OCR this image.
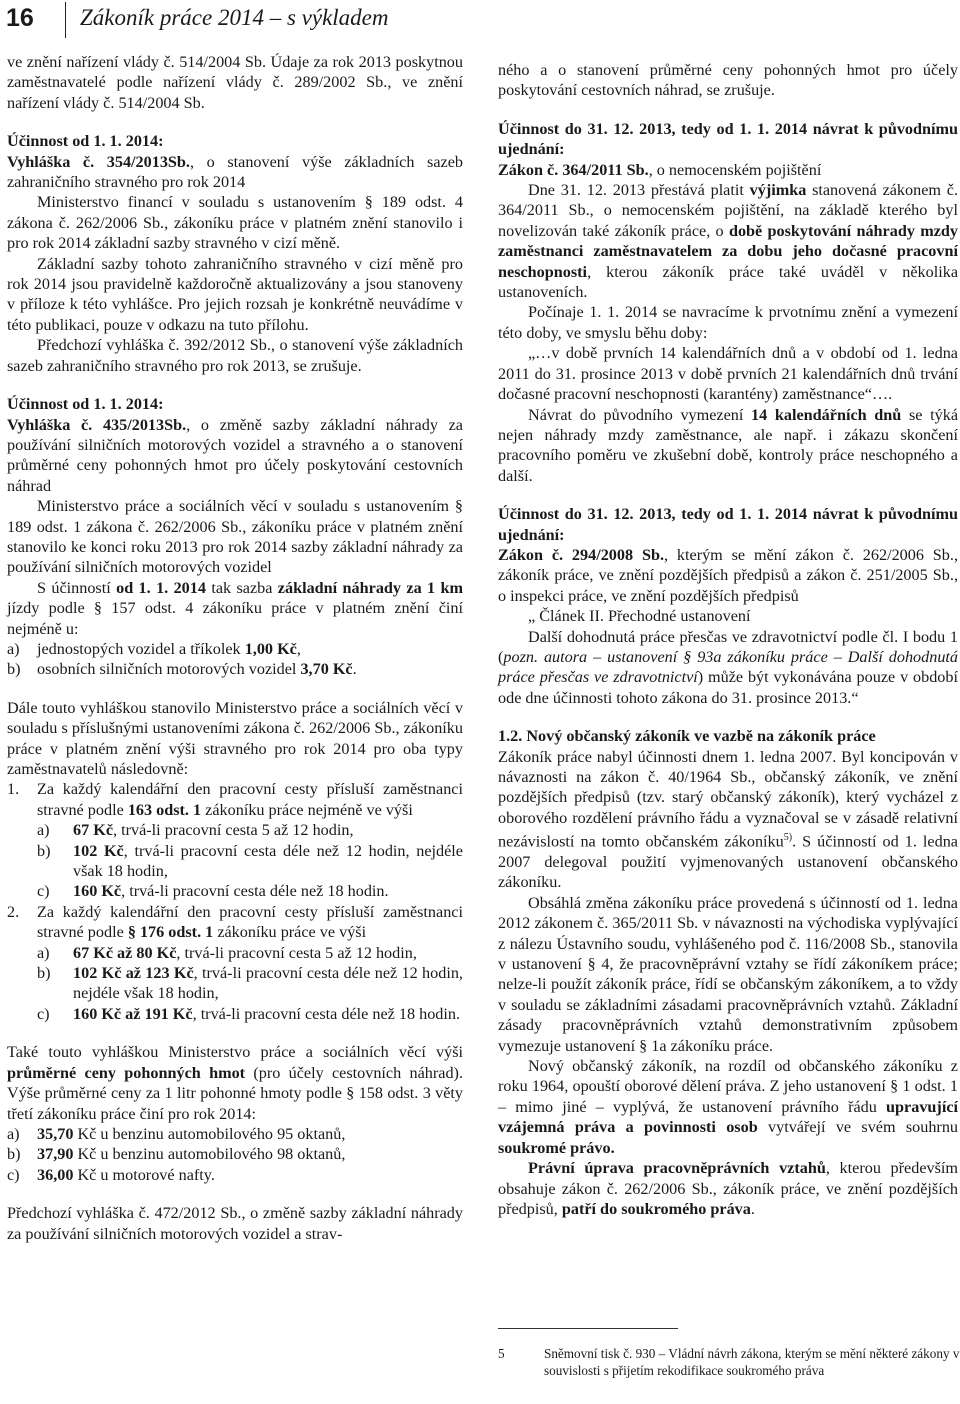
16 Zákoník práce 2014 – s výkladem

ve znění nařízení vlády č. 514/2004 Sb. Údaje za rok 2013 poskytnou zaměstnavatelé podle nařízení vlády č. 289/2002 Sb., ve znění nařízení vlády č. 514/2004 Sb.

Účinnost od 1. 1. 2014:

Vyhláška č. 354/2013Sb., o stanovení výše základních sazeb zahraničního stravného pro rok 2014

Ministerstvo financí v souladu s ustanovením § 189 odst. 4 zákona č. 262/2006 Sb., zákoníku práce v platném znění stanovilo i pro rok 2014 základní sazby stravného v cizí měně.

Základní sazby tohoto zahraničního stravného v cizí měně pro rok 2014 jsou pravidelně každoročně aktualizovány a jsou stanoveny v příloze k této vyhlášce. Pro jejich rozsah je konkrétně neuvádíme v této publikaci, pouze v odkazu na tuto přílohu.

Předchozí vyhláška č. 392/2012 Sb., o stanovení výše základních sazeb zahraničního stravného pro rok 2013, se zrušuje.

Účinnost od 1. 1. 2014:

Vyhláška č. 435/2013Sb., o změně sazby základní náhrady za používání silničních motorových vozidel a stravného a o stanovení průměrné ceny pohonných hmot pro účely poskytování cestovních náhrad

Ministerstvo práce a sociálních věcí v souladu s ustanovením § 189 odst. 1 zákona č. 262/2006 Sb., zákoníku práce v platném znění stanovilo ke konci roku 2013 pro rok 2014 sazby základní náhrady za používání silničních motorových vozidel

S účinností od 1. 1. 2014 tak sazba základní náhrady za 1 km jízdy podle § 157 odst. 4 zákoníku práce v platném znění činí nejméně u:

a) jednostopých vozidel a tříkolek 1,00 Kč,
b) osobních silničních motorových vozidel 3,70 Kč.

Dále touto vyhláškou stanovilo Ministerstvo práce a sociálních věcí v souladu s příslušnými ustanoveními zákona č. 262/2006 Sb., zákoníku práce v platném znění výši stravného pro rok 2014 pro oba typy zaměstnavatelů následovně:

1. Za každý kalendářní den pracovní cesty přísluší zaměstnanci stravné podle 163 odst. 1 zákoníku práce nejméně ve výši
a) 67 Kč, trvá-li pracovní cesta 5 až 12 hodin,
b) 102 Kč, trvá-li pracovní cesta déle než 12 hodin, nejdéle však 18 hodin,
c) 160 Kč, trvá-li pracovní cesta déle než 18 hodin.
2. Za každý kalendářní den pracovní cesty přísluší zaměstnanci stravné podle § 176 odst. 1 zákoníku práce ve výši
a) 67 Kč až 80 Kč, trvá-li pracovní cesta 5 až 12 hodin,
b) 102 Kč až 123 Kč, trvá-li pracovní cesta déle než 12 hodin, nejdéle však 18 hodin,
c) 160 Kč až 191 Kč, trvá-li pracovní cesta déle než 18 hodin.

Také touto vyhláškou Ministerstvo práce a sociálních věcí výši průměrné ceny pohonných hmot (pro účely cestovních náhrad). Výše průměrné ceny za 1 litr pohonné hmoty podle § 158 odst. 3 věty třetí zákoníku práce činí pro rok 2014:

a) 35,70 Kč u benzinu automobilového 95 oktanů,
b) 37,90 Kč u benzinu automobilového 98 oktanů,
c) 36,00 Kč u motorové nafty.

Předchozí vyhláška č. 472/2012 Sb., o změně sazby základní náhrady za používání silničních motorových vozidel a strav-

ného a o stanovení průměrné ceny pohonných hmot pro účely poskytování cestovních náhrad, se zrušuje.

Účinnost do 31. 12. 2013, tedy od 1. 1. 2014 návrat k původnímu ujednání:

Zákon č. 364/2011 Sb., o nemocenském pojištění

Dne 31. 12. 2013 přestává platit výjimka stanovená zákonem č. 364/2011 Sb., o nemocenském pojištění, na základě kterého byl novelizován také zákoník práce, o době poskytování náhrady mzdy zaměstnanci zaměstnavatelem za dobu jeho dočasné pracovní neschopnosti, kterou zákoník práce také uváděl v několika ustanoveních.

Počínaje 1. 1. 2014 se navracíme k prvotnímu znění a vymezení této doby, ve smyslu běhu doby:

„…v době prvních 14 kalendářních dnů a v období od 1. ledna 2011 do 31. prosince 2013 v době prvních 21 kalendářních dnů trvání dočasné pracovní neschopnosti (karantény) zaměstnance“….

Návrat do původního vymezení 14 kalendářních dnů se týká nejen náhrady mzdy zaměstnance, ale např. i zákazu skončení pracovního poměru ve zkušební době, kontroly práce neschopného a další.

Účinnost do 31. 12. 2013, tedy od 1. 1. 2014 návrat k původnímu ujednání:

Zákon č. 294/2008 Sb., kterým se mění zákon č. 262/2006 Sb., zákoník práce, ve znění pozdějších předpisů a zákon č. 251/2005 Sb., o inspekci práce, ve znění pozdějších předpisů

„ Článek II. Přechodné ustanovení

Další dohodnutá práce přesčas ve zdravotnictví podle čl. I bodu 1 (pozn. autora – ustanovení § 93a zákoníku práce – Další dohodnutá práce přesčas ve zdravotnictví) může být vykonávána pouze v období ode dne účinnosti tohoto zákona do 31. prosince 2013.“

1.2. Nový občanský zákoník ve vazbě na zákoník práce

Zákoník práce nabyl účinnosti dnem 1. ledna 2007. Byl koncipován v návaznosti na zákon č. 40/1964 Sb., občanský zákoník, ve znění pozdějších předpisů (tzv. starý občanský zákoník), který vycházel z oborového rozdělení právního řádu a vyznačoval se v zásadě relativní nezávislostí na tomto občanském zákoníku$^{5)}$. S účinností od 1. ledna 2007 delegoval použití vyjmenovaných ustanovení občanského zákoníku.

Obsáhlá změna zákoníku práce provedená s účinností od 1. ledna 2012 zákonem č. 365/2011 Sb. v návaznosti na východiska vyplývající z nálezu Ústavního soudu, vyhlášeného pod č. 116/2008 Sb., stanovila v ustanovení § 4, že pracovněprávní vztahy se řídí zákoníkem práce; nelze-li použít zákoník práce, řídí se občanským zákoníkem, a to vždy v souladu se základními zásadami pracovněprávních vztahů. Základní zásady pracovněprávních vztahů demonstrativním způsobem vymezuje ustanovení § 1a zákoníku práce.

Nový občanský zákoník, na rozdíl od občanského zákoníku z roku 1964, opouští oborové dělení práva. Z jeho ustanovení § 1 odst. 1 – mimo jiné – vyplývá, že ustanovení právního řádu upravující vzájemná práva a povinnosti osob vytvářejí ve svém souhrnu soukromé právo.

Právní úprava pracovněprávních vztahů, kterou především obsahuje zákon č. 262/2006 Sb., zákoník práce, ve znění pozdějších předpisů, patří do soukromého práva.

5	Sněmovní tisk č. 930 – Vládní návrh zákona, kterým se mění některé zákony v souvislosti s přijetím rekodifikace soukromého práva
